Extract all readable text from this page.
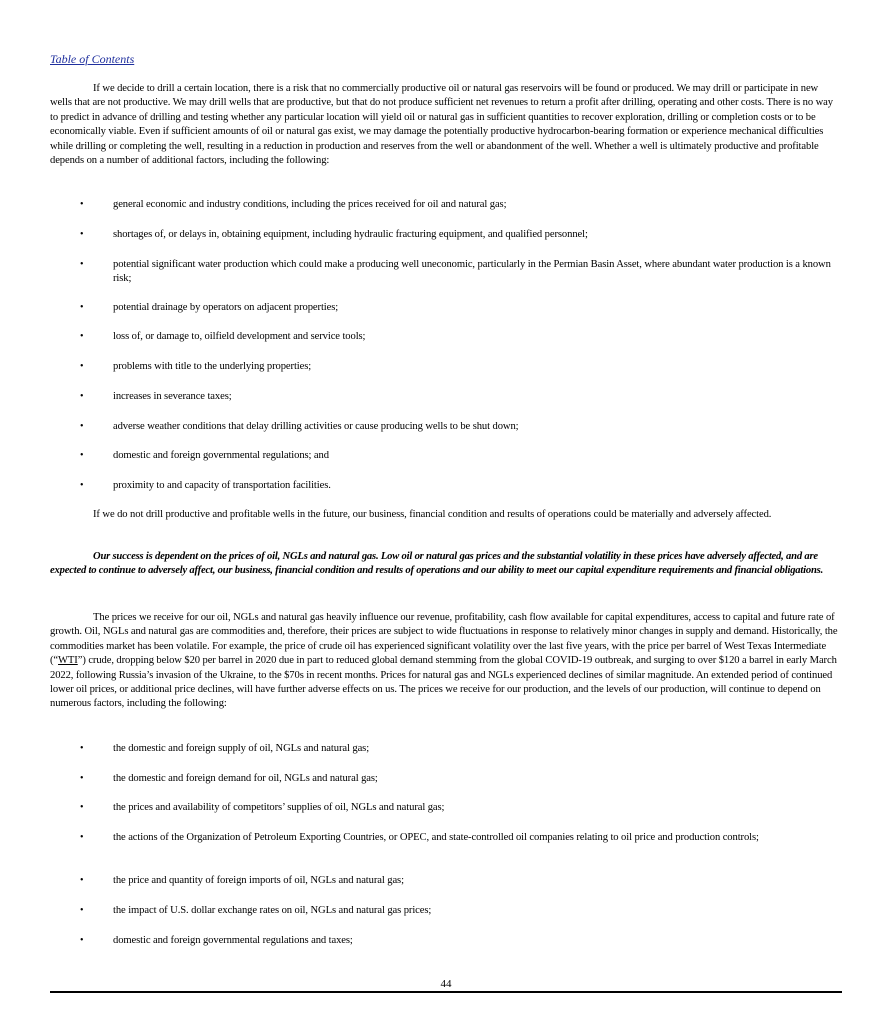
Table of Contents

If we decide to drill a certain location, there is a risk that no commercially productive oil or natural gas reservoirs will be found or produced. We may drill or participate in new wells that are not productive. We may drill wells that are productive, but that do not produce sufficient net revenues to return a profit after drilling, operating and other costs. There is no way to predict in advance of drilling and testing whether any particular location will yield oil or natural gas in sufficient quantities to recover exploration, drilling or completion costs or to be economically viable. Even if sufficient amounts of oil or natural gas exist, we may damage the potentially productive hydrocarbon-bearing formation or experience mechanical difficulties while drilling or completing the well, resulting in a reduction in production and reserves from the well or abandonment of the well. Whether a well is ultimately productive and profitable depends on a number of additional factors, including the following:

•	general economic and industry conditions, including the prices received for oil and natural gas;
•	shortages of, or delays in, obtaining equipment, including hydraulic fracturing equipment, and qualified personnel;
•	potential significant water production which could make a producing well uneconomic, particularly in the Permian Basin Asset, where abundant water production is a known risk;
•	potential drainage by operators on adjacent properties;
•	loss of, or damage to, oilfield development and service tools;
•	problems with title to the underlying properties;
•	increases in severance taxes;
•	adverse weather conditions that delay drilling activities or cause producing wells to be shut down;
•	domestic and foreign governmental regulations; and
•	proximity to and capacity of transportation facilities.

If we do not drill productive and profitable wells in the future, our business, financial condition and results of operations could be materially and adversely affected.

Our success is dependent on the prices of oil, NGLs and natural gas. Low oil or natural gas prices and the substantial volatility in these prices have adversely affected, and are expected to continue to adversely affect, our business, financial condition and results of operations and our ability to meet our capital expenditure requirements and financial obligations.

The prices we receive for our oil, NGLs and natural gas heavily influence our revenue, profitability, cash flow available for capital expenditures, access to capital and future rate of growth. Oil, NGLs and natural gas are commodities and, therefore, their prices are subject to wide fluctuations in response to relatively minor changes in supply and demand. Historically, the commodities market has been volatile. For example, the price of crude oil has experienced significant volatility over the last five years, with the price per barrel of West Texas Intermediate (“WTI”) crude, dropping below $20 per barrel in 2020 due in part to reduced global demand stemming from the global COVID-19 outbreak, and surging to over $120 a barrel in early March 2022, following Russia’s invasion of the Ukraine, to the $70s in recent months. Prices for natural gas and NGLs experienced declines of similar magnitude. An extended period of continued lower oil prices, or additional price declines, will have further adverse effects on us. The prices we receive for our production, and the levels of our production, will continue to depend on numerous factors, including the following:

•	the domestic and foreign supply of oil, NGLs and natural gas;
•	the domestic and foreign demand for oil, NGLs and natural gas;
•	the prices and availability of competitors’ supplies of oil, NGLs and natural gas;
•	the actions of the Organization of Petroleum Exporting Countries, or OPEC, and state-controlled oil companies relating to oil price and production controls;
•	the price and quantity of foreign imports of oil, NGLs and natural gas;
•	the impact of U.S. dollar exchange rates on oil, NGLs and natural gas prices;
•	domestic and foreign governmental regulations and taxes;
44
